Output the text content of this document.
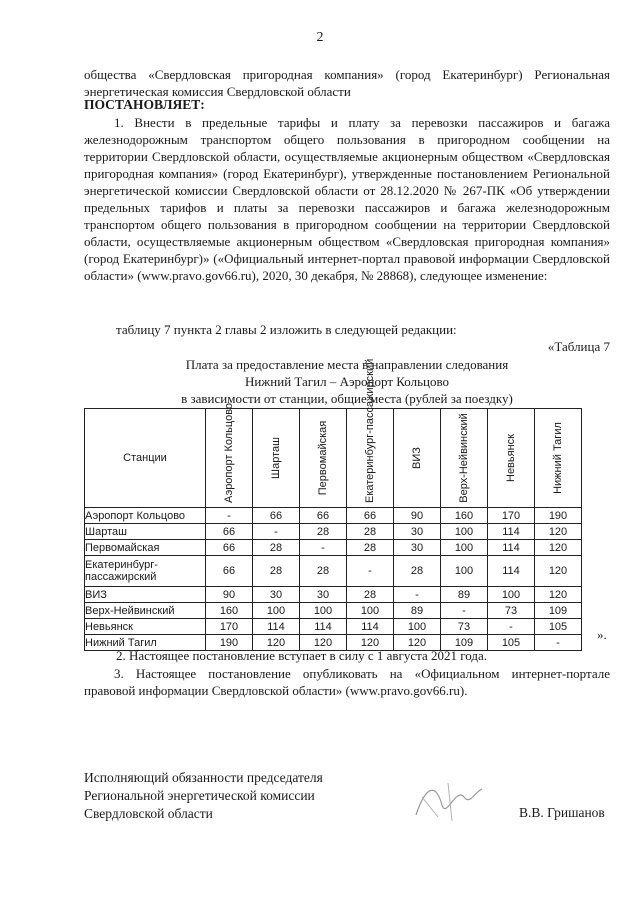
2
общества «Свердловская пригородная компания» (город Екатеринбург) Региональная энергетическая комиссия Свердловской области
ПОСТАНОВЛЯЕТ:
1. Внести в предельные тарифы и плату за перевозки пассажиров и багажа железнодорожным транспортом общего пользования в пригородном сообщении на территории Свердловской области, осуществляемые акционерным обществом «Свердловская пригородная компания» (город Екатеринбург), утвержденные постановлением Региональной энергетической комиссии Свердловской области от 28.12.2020 № 267-ПК «Об утверждении предельных тарифов и платы за перевозки пассажиров и багажа железнодорожным транспортом общего пользования в пригородном сообщении на территории Свердловской области, осуществляемые акционерным обществом «Свердловская пригородная компания» (город Екатеринбург)» («Официальный интернет-портал правовой информации Свердловской области» (www.pravo.gov66.ru), 2020, 30 декабря, № 28868), следующее изменение:
таблицу 7 пункта 2 главы 2 изложить в следующей редакции:
«Таблица 7
Плата за предоставление места в направлении следования
Нижний Тагил – Аэропорт Кольцово
в зависимости от станции, общие места (рублей за поездку)
Станции	Аэропорт Кольцово	Шарташ	Первомайская	Екатеринбург-пассажирский	ВИЗ	Верх-Нейвинский	Невьянск	Нижний Тагил

Аэропорт Кольцово	-	66	66	66	90	160	170	190
Шарташ	66	-	28	28	30	100	114	120
Первомайская	66	28	-	28	30	100	114	120
Екатеринбург-пассажирский	66	28	28	-	28	100	114	120
ВИЗ	90	30	30	28	-	89	100	120
Верх-Нейвинский	160	100	100	100	89	-	73	109
Невьянск	170	114	114	114	100	73	-	105
Нижний Тагил	190	120	120	120	120	109	105	-
».
2. Настоящее постановление вступает в силу с 1 августа 2021 года.
3. Настоящее постановление опубликовать на «Официальном интернет-портале правовой информации Свердловской области» (www.pravo.gov66.ru).
Исполняющий обязанности председателя
Региональной энергетической комиссии
Свердловской области	В.В. Гришанов
